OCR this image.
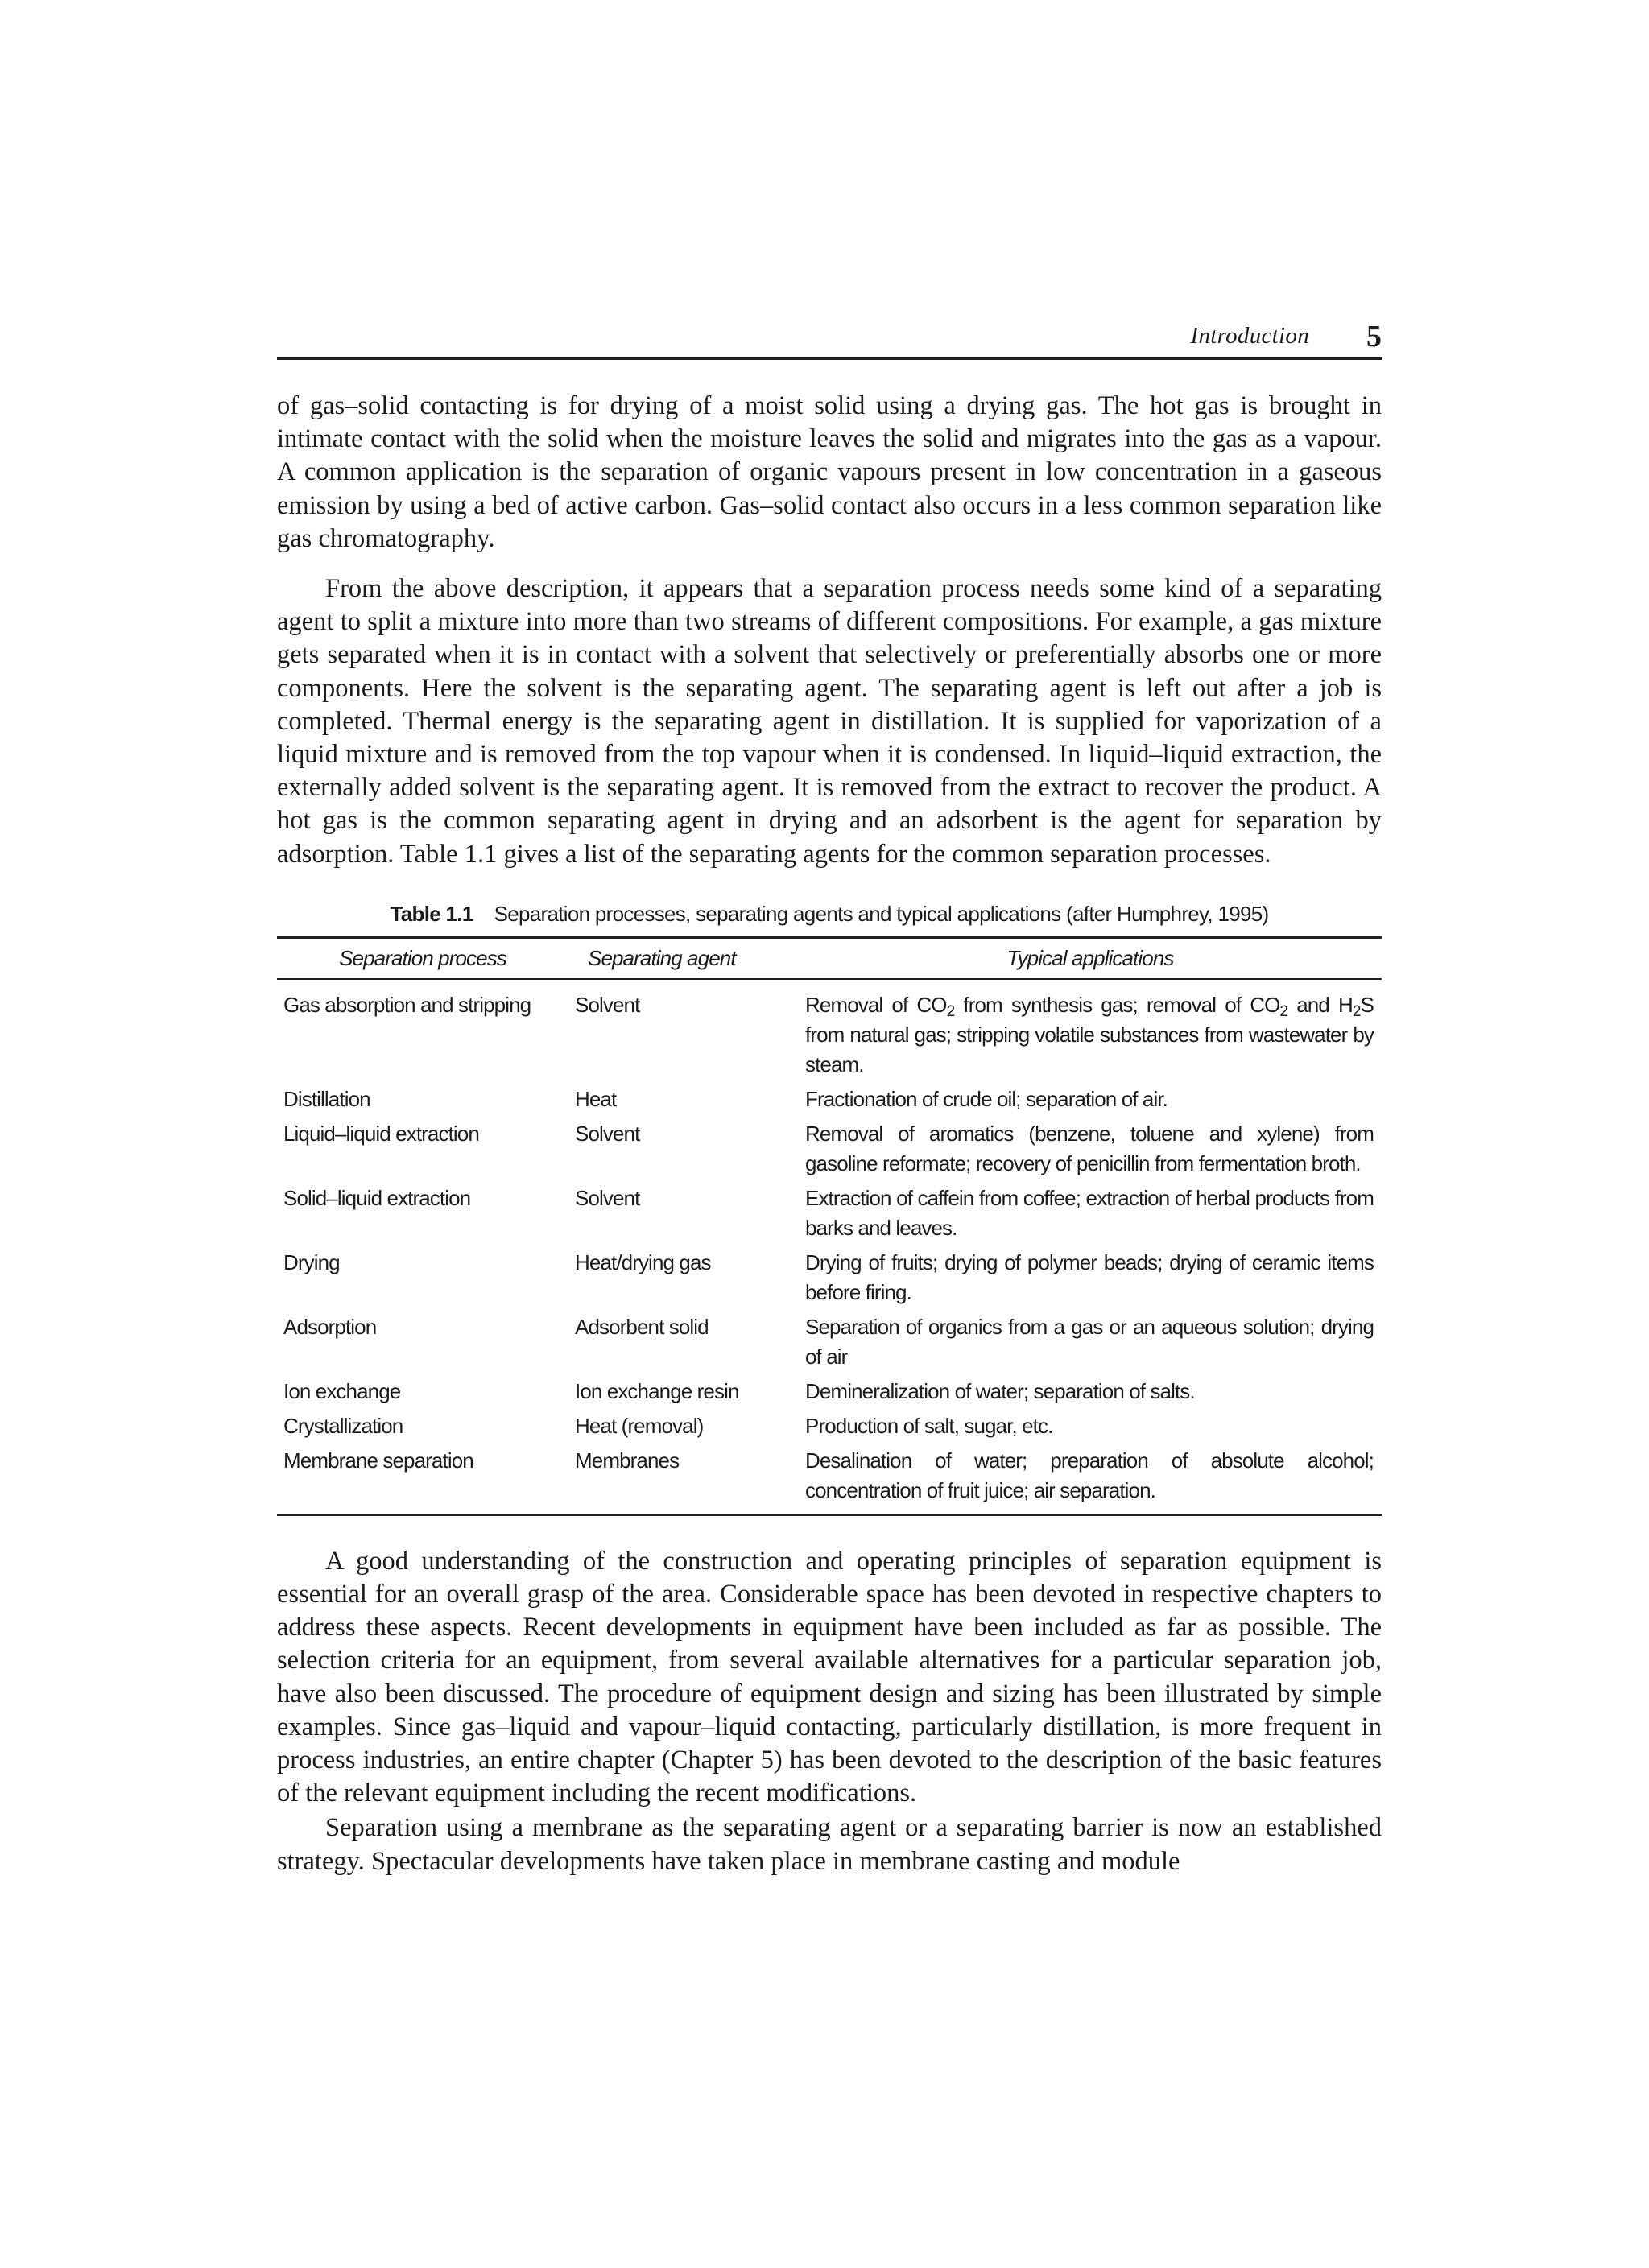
Introduction 5

of gas–solid contacting is for drying of a moist solid using a drying gas. The hot gas is brought in intimate contact with the solid when the moisture leaves the solid and migrates into the gas as a vapour. A common application is the separation of organic vapours present in low concentration in a gaseous emission by using a bed of active carbon. Gas–solid contact also occurs in a less common separation like gas chromatography.

From the above description, it appears that a separation process needs some kind of a separating agent to split a mixture into more than two streams of different compositions. For example, a gas mixture gets separated when it is in contact with a solvent that selectively or preferentially absorbs one or more components. Here the solvent is the separating agent. The separating agent is left out after a job is completed. Thermal energy is the separating agent in distillation. It is supplied for vaporization of a liquid mixture and is removed from the top vapour when it is condensed. In liquid–liquid extraction, the externally added solvent is the separating agent. It is removed from the extract to recover the product. A hot gas is the common separating agent in drying and an adsorbent is the agent for separation by adsorption. Table 1.1 gives a list of the separating agents for the common separation processes.

Table 1.1 Separation processes, separating agents and typical applications (after Humphrey, 1995)
Separation process	Separating agent	Typical applications
Gas absorption and stripping	Solvent	Removal of $CO_2$ from synthesis gas; removal of $CO_2$ and $H_2S$ from natural gas; stripping volatile substances from wastewater by steam.
Distillation	Heat	Fractionation of crude oil; separation of air.
Liquid–liquid extraction	Solvent	Removal of aromatics (benzene, toluene and xylene) from gasoline reformate; recovery of penicillin from fermentation broth.
Solid–liquid extraction	Solvent	Extraction of caffein from coffee; extraction of herbal products from barks and leaves.
Drying	Heat/drying gas	Drying of fruits; drying of polymer beads; drying of ceramic items before firing.
Adsorption	Adsorbent solid	Separation of organics from a gas or an aqueous solution; drying of air
Ion exchange	Ion exchange resin	Demineralization of water; separation of salts.
Crystallization	Heat (removal)	Production of salt, sugar, etc.
Membrane separation	Membranes	Desalination of water; preparation of absolute alcohol; concentration of fruit juice; air separation.

A good understanding of the construction and operating principles of separation equipment is essential for an overall grasp of the area. Considerable space has been devoted in respective chapters to address these aspects. Recent developments in equipment have been included as far as possible. The selection criteria for an equipment, from several available alternatives for a particular separation job, have also been discussed. The procedure of equipment design and sizing has been illustrated by simple examples. Since gas–liquid and vapour–liquid contacting, particularly distillation, is more frequent in process industries, an entire chapter (Chapter 5) has been devoted to the description of the basic features of the relevant equipment including the recent modifications.

Separation using a membrane as the separating agent or a separating barrier is now an established strategy. Spectacular developments have taken place in membrane casting and module
